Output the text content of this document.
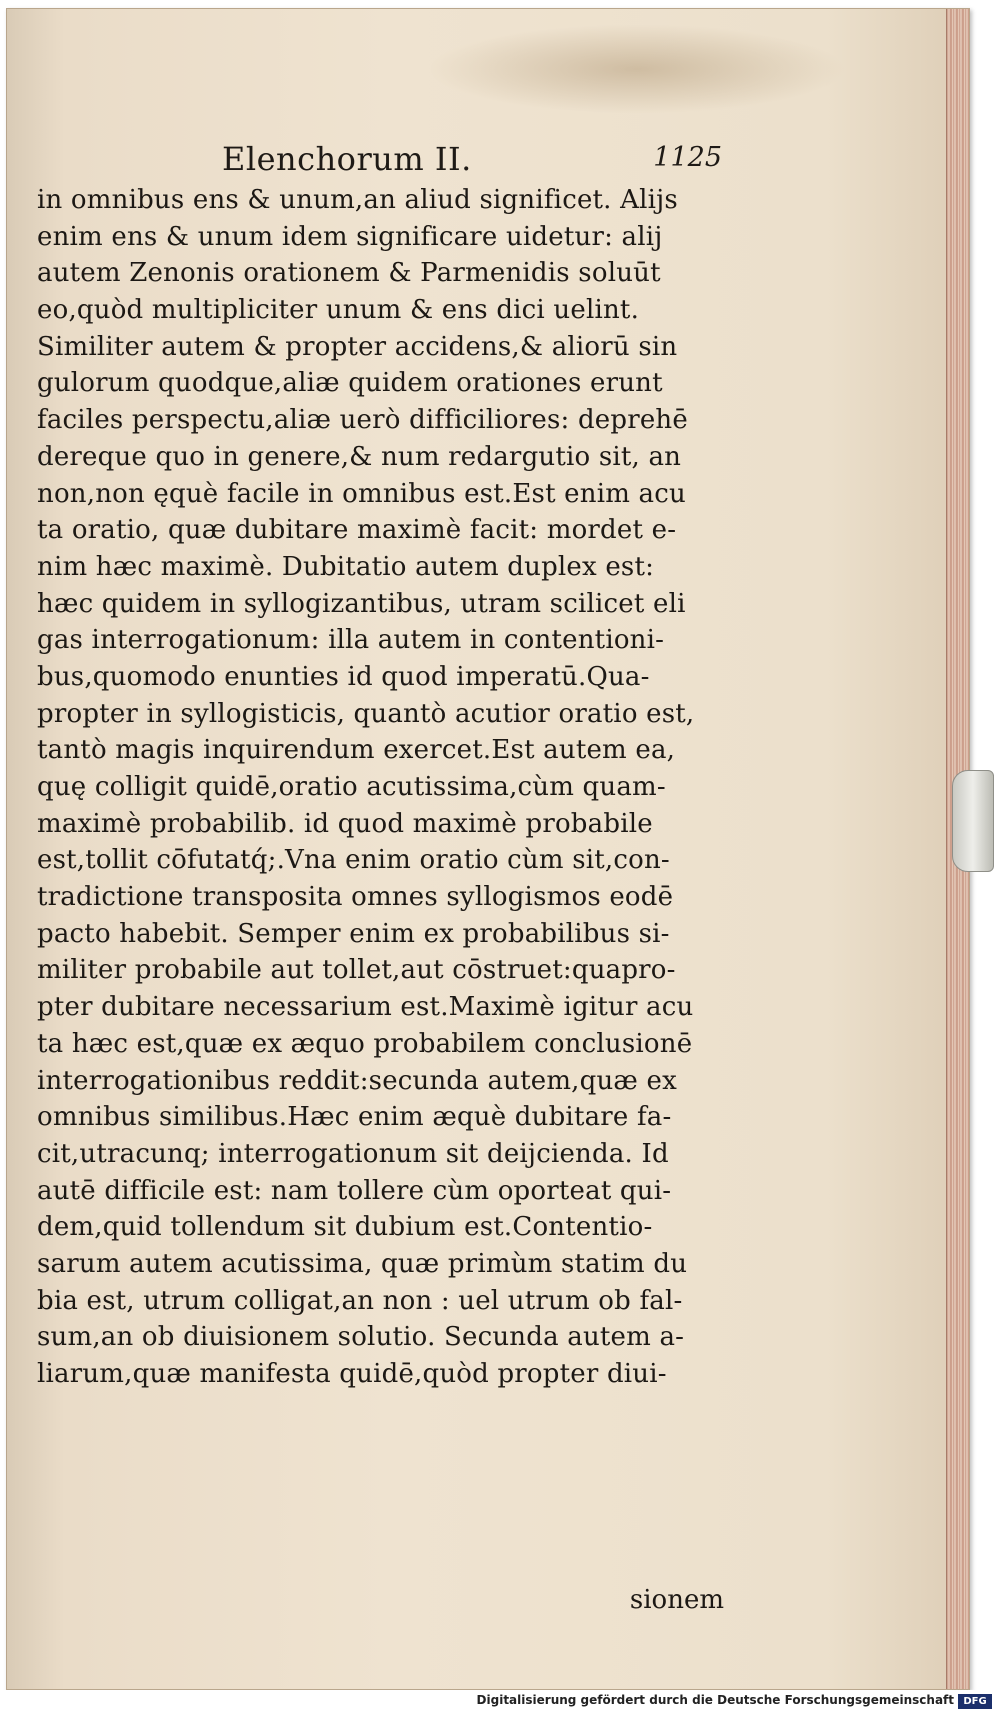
Elenchorum II.	1125
in omnibus ens & unum,an aliud significet. Alijs
enim ens & unum idem significare uidetur: alij
autem Zenonis orationem & Parmenidis soluūt
eo,quòd multipliciter unum & ens dici uelint.
Similiter autem & propter accidens,& aliorū sin
gulorum quodque,aliæ quidem orationes erunt
faciles perspectu,aliæ uerò difficiliores: deprehē
dereque quo in genere,& num redargutio sit, an
non,non ęquè facile in omnibus est.Est enim acu
ta oratio, quæ dubitare maximè facit: mordet e-
nim hæc maximè. Dubitatio autem duplex est:
hæc quidem in syllogizantibus, utram scilicet eli
gas interrogationum: illa autem in contentioni-
bus,quomodo enunties id quod imperatū.Qua-
propter in syllogisticis, quantò acutior oratio est,
tantò magis inquirendum exercet.Est autem ea,
quę colligit quidē,oratio acutissima,cùm quam-
maximè probabilib. id quod maximè probabile
est,tollit cōfutatq́;.Vna enim oratio cùm sit,con-
tradictione transposita omnes syllogismos eodē
pacto habebit. Semper enim ex probabilibus si-
militer probabile aut tollet,aut cōstruet:quapro-
pter dubitare necessarium est.Maximè igitur acu
ta hæc est,quæ ex æquo probabilem conclusionē
interrogationibus reddit:secunda autem,quæ ex
omnibus similibus.Hæc enim æquè dubitare fa-
cit,utracunq; interrogationum sit deijcienda. Id
autē difficile est: nam tollere cùm oporteat qui-
dem,quid tollendum sit dubium est.Contentio-
sarum autem acutissima, quæ primùm statim du
bia est, utrum colligat,an non : uel utrum ob fal-
sum,an ob diuisionem solutio. Secunda autem a-
liarum,quæ manifesta quidē,quòd propter diui-
sionem
Digitalisierung gefördert durch die Deutsche Forschungsgemeinschaft DFG
